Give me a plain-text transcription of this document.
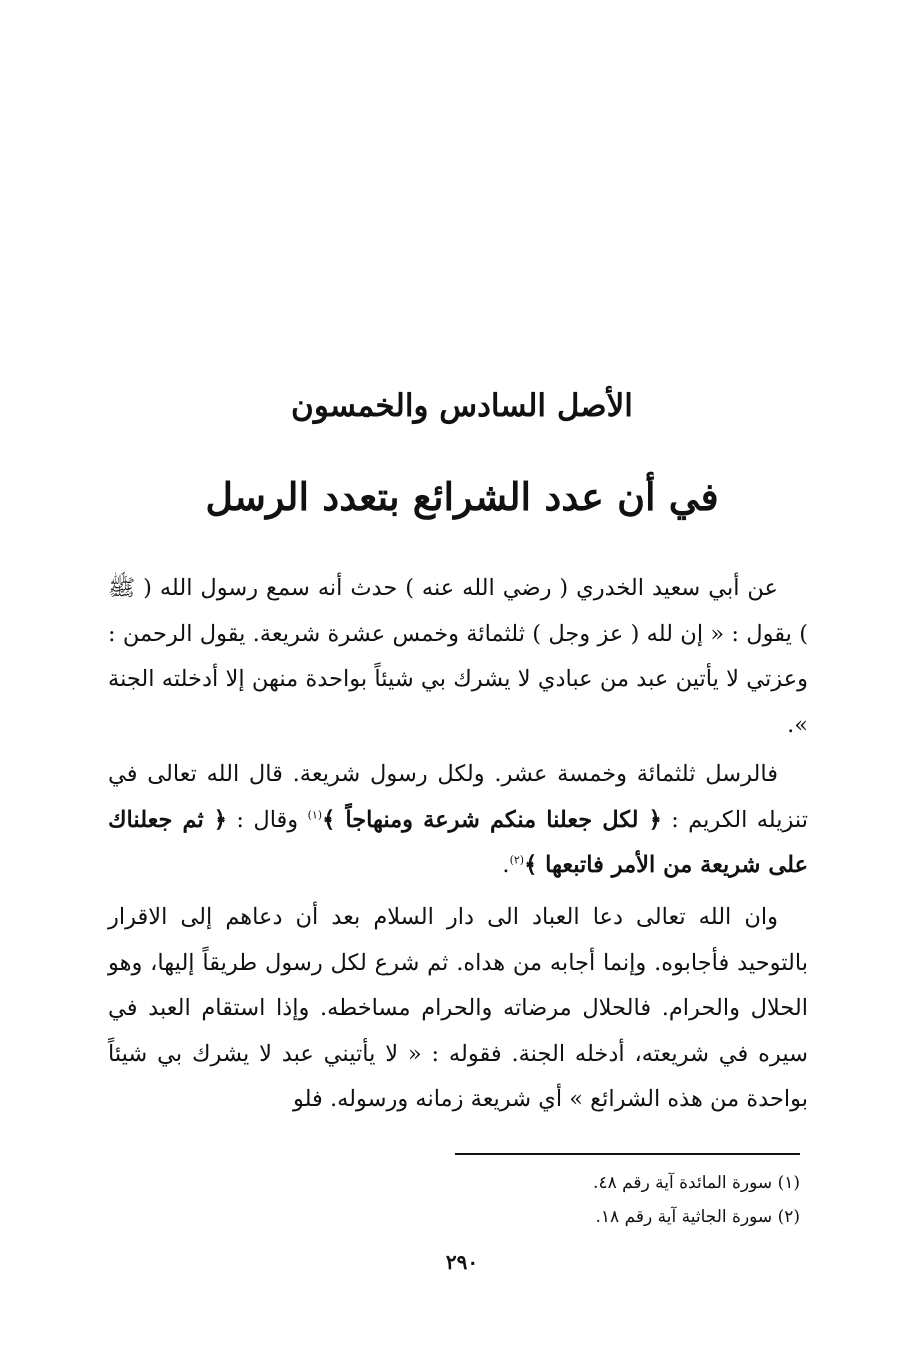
الأصل السادس والخمسون
في أن عدد الشرائع بتعدد الرسل

عن أبي سعيد الخدري ( رضي الله عنه ) حدث أنه سمع رسول الله ( ﷺ ) يقول : « إن لله ( عز وجل ) ثلثمائة وخمس عشرة شريعة. يقول الرحمن : وعزتي لا يأتين عبد من عبادي لا يشرك بي شيئاً بواحدة منهن إلا أدخلته الجنة ».

فالرسل ثلثمائة وخمسة عشر. ولكل رسول شريعة. قال الله تعالى في تنزيله الكريم : ﴿ لكل جعلنا منكم شرعة ومنهاجاً ﴾$^{(١)}$ وقال : ﴿ ثم جعلناك على شريعة من الأمر فاتبعها ﴾$^{(٢)}$.

وان الله تعالى دعا العباد الى دار السلام بعد أن دعاهم إلى الاقرار بالتوحيد فأجابوه. وإنما أجابه من هداه. ثم شرع لكل رسول طريقاً إليها، وهو الحلال والحرام. فالحلال مرضاته والحرام مساخطه. وإذا استقام العبد في سيره في شريعته، أدخله الجنة. فقوله : « لا يأتيني عبد لا يشرك بي شيئاً بواحدة من هذه الشرائع » أي شريعة زمانه ورسوله. فلو

(١) سورة المائدة آية رقم ٤٨.
(٢) سورة الجاثية آية رقم ١٨.
٢٩٠
